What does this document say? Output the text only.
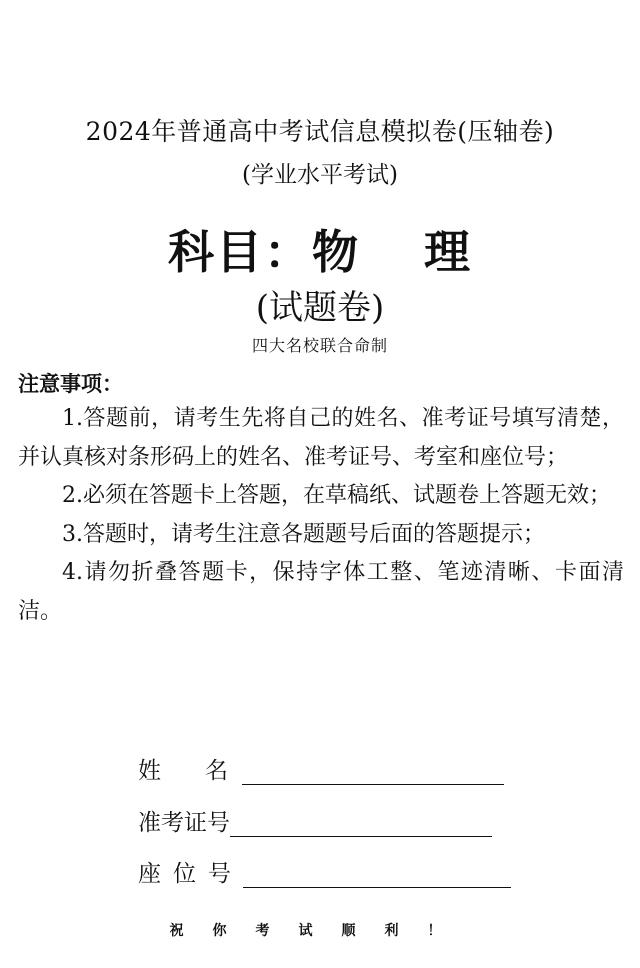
2024年普通高中考试信息模拟卷(压轴卷)
(学业水平考试)
科目：物 理
(试题卷)
四大名校联合命制
注意事项：

1.答题前，请考生先将自己的姓名、准考证号填写清楚，并认真核对条形码上的姓名、准考证号、考室和座位号；

2.必须在答题卡上答题，在草稿纸、试题卷上答题无效；

3.答题时，请考生注意各题题号后面的答题提示；

4.请勿折叠答题卡，保持字体工整、笔迹清晰、卡面清洁。

姓 名
准考证号
座位号
祝你考试顺利！
